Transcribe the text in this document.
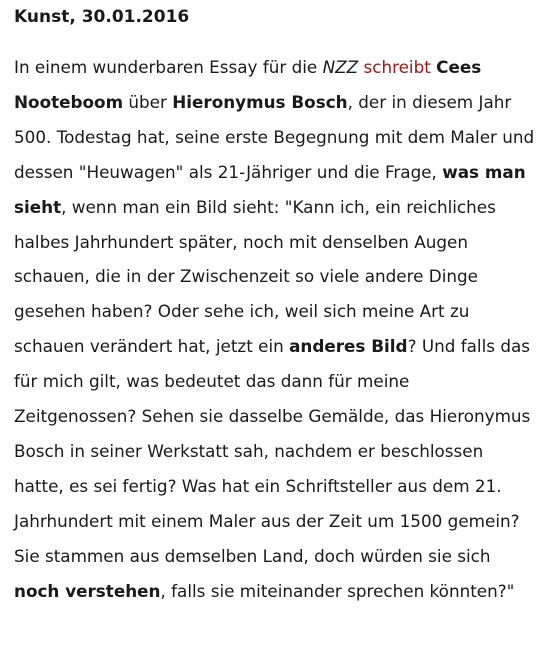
Kunst, 30.01.2016

In einem wunderbaren Essay für die NZZ schreibt Cees Nooteboom über Hieronymus Bosch, der in diesem Jahr 500. Todestag hat, seine erste Begegnung mit dem Maler und dessen "Heuwagen" als 21-Jähriger und die Frage, was man sieht, wenn man ein Bild sieht: "Kann ich, ein reichliches halbes Jahrhundert später, noch mit denselben Augen schauen, die in der Zwischenzeit so viele andere Dinge gesehen haben? Oder sehe ich, weil sich meine Art zu schauen verändert hat, jetzt ein anderes Bild? Und falls das für mich gilt, was bedeutet das dann für meine Zeitgenossen? Sehen sie dasselbe Gemälde, das Hieronymus Bosch in seiner Werkstatt sah, nachdem er beschlossen hatte, es sei fertig? Was hat ein Schriftsteller aus dem 21. Jahrhundert mit einem Maler aus der Zeit um 1500 gemein? Sie stammen aus demselben Land, doch würden sie sich noch verstehen, falls sie miteinander sprechen könnten?"
